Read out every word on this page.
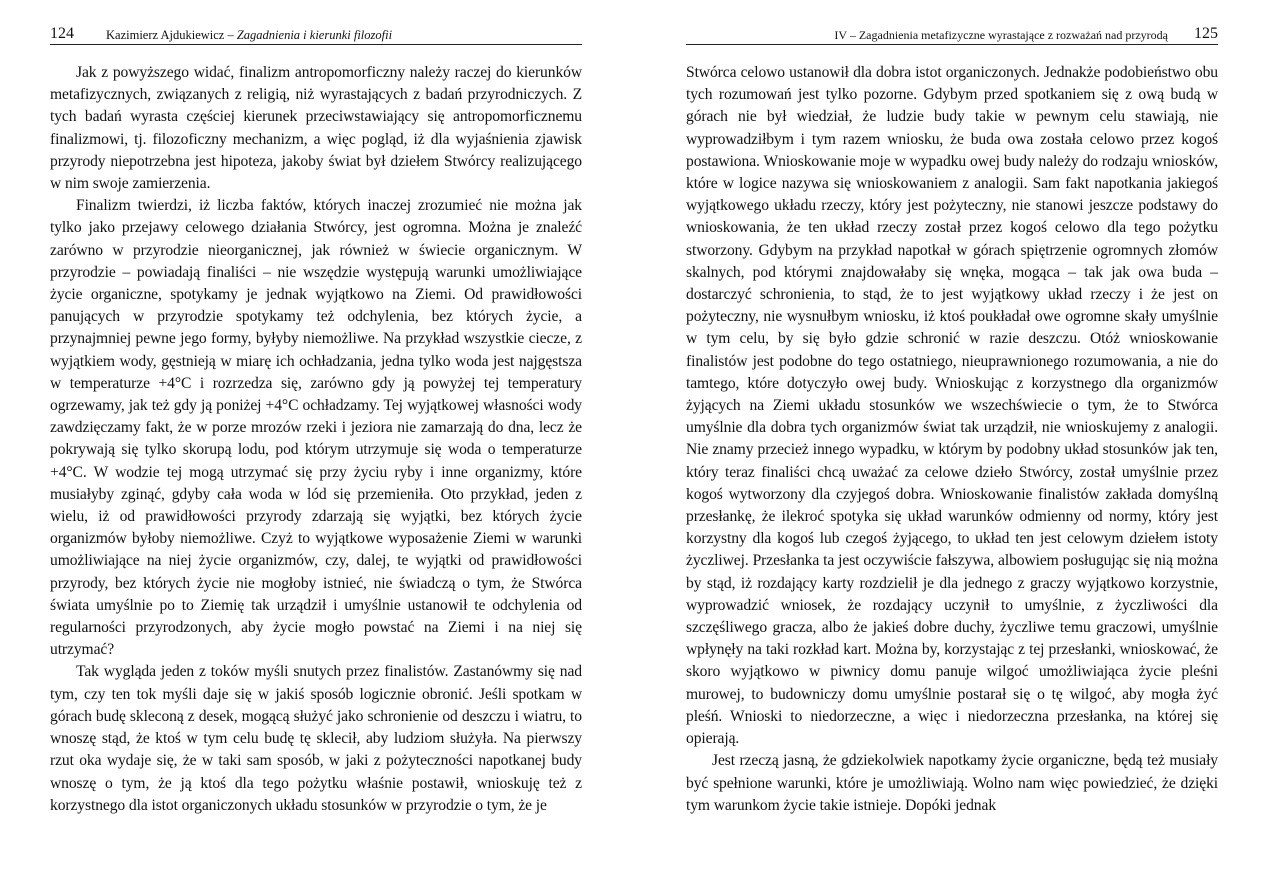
124	Kazimierz Ajdukiewicz – Zagadnienia i kierunki filozofii

Jak z powyższego widać, finalizm antropomorficzny należy raczej do kierunków metafizycznych, związanych z religią, niż wyrastających z badań przyrodniczych. Z tych badań wyrasta częściej kierunek przeciwstawiający się antropomorficznemu finalizmowi, tj. filozoficzny mechanizm, a więc pogląd, iż dla wyjaśnienia zjawisk przyrody niepotrzebna jest hipoteza, jakoby świat był dziełem Stwórcy realizującego w nim swoje zamierzenia.

Finalizm twierdzi, iż liczba faktów, których inaczej zrozumieć nie można jak tylko jako przejawy celowego działania Stwórcy, jest ogromna. Można je znaleźć zarówno w przyrodzie nieorganicznej, jak również w świecie organicznym. W przyrodzie – powiadają finaliści – nie wszędzie występują warunki umożliwiające życie organiczne, spotykamy je jednak wyjątkowo na Ziemi. Od prawidłowości panujących w przyrodzie spotykamy też odchylenia, bez których życie, a przynajmniej pewne jego formy, byłyby niemożliwe. Na przykład wszystkie ciecze, z wyjątkiem wody, gęstnieją w miarę ich ochładzania, jedna tylko woda jest najgęstsza w temperaturze +4°C i rozrzedza się, zarówno gdy ją powyżej tej temperatury ogrzewamy, jak też gdy ją poniżej +4°C ochładzamy. Tej wyjątkowej własności wody zawdzięczamy fakt, że w porze mrozów rzeki i jeziora nie zamarzają do dna, lecz że pokrywają się tylko skorupą lodu, pod którym utrzymuje się woda o temperaturze +4°C. W wodzie tej mogą utrzymać się przy życiu ryby i inne organizmy, które musiałyby zginąć, gdyby cała woda w lód się przemieniła. Oto przykład, jeden z wielu, iż od prawidłowości przyrody zdarzają się wyjątki, bez których życie organizmów byłoby niemożliwe. Czyż to wyjątkowe wyposażenie Ziemi w warunki umożliwiające na niej życie organizmów, czy, dalej, te wyjątki od prawidłowości przyrody, bez których życie nie mogłoby istnieć, nie świadczą o tym, że Stwórca świata umyślnie po to Ziemię tak urządził i umyślnie ustanowił te odchylenia od regularności przyrodzonych, aby życie mogło powstać na Ziemi i na niej się utrzymać?

Tak wygląda jeden z toków myśli snutych przez finalistów. Zastanówmy się nad tym, czy ten tok myśli daje się w jakiś sposób logicznie obronić. Jeśli spotkam w górach budę skleconą z desek, mogącą służyć jako schronienie od deszczu i wiatru, to wnoszę stąd, że ktoś w tym celu budę tę sklecił, aby ludziom służyła. Na pierwszy rzut oka wydaje się, że w taki sam sposób, w jaki z pożyteczności napotkanej budy wnoszę o tym, że ją ktoś dla tego pożytku właśnie postawił, wnioskuję też z korzystnego dla istot organiczonych układu stosunków w przyrodzie o tym, że je

IV – Zagadnienia metafizyczne wyrastające z rozważań nad przyrodą 125

Stwórca celowo ustanowił dla dobra istot organiczonych. Jednakże podobieństwo obu tych rozumowań jest tylko pozorne. Gdybym przed spotkaniem się z ową budą w górach nie był wiedział, że ludzie budy takie w pewnym celu stawiają, nie wyprowadziłbym i tym razem wniosku, że buda owa została celowo przez kogoś postawiona. Wnioskowanie moje w wypadku owej budy należy do rodzaju wniosków, które w logice nazywa się wnioskowaniem z analogii. Sam fakt napotkania jakiegoś wyjątkowego układu rzeczy, który jest pożyteczny, nie stanowi jeszcze podstawy do wnioskowania, że ten układ rzeczy został przez kogoś celowo dla tego pożytku stworzony. Gdybym na przykład napotkał w górach spiętrzenie ogromnych złomów skalnych, pod którymi znajdowałaby się wnęka, mogąca – tak jak owa buda – dostarczyć schronienia, to stąd, że to jest wyjątkowy układ rzeczy i że jest on pożyteczny, nie wysnułbym wniosku, iż ktoś poukładał owe ogromne skały umyślnie w tym celu, by się było gdzie schronić w razie deszczu. Otóż wnioskowanie finalistów jest podobne do tego ostatniego, nieuprawnionego rozumowania, a nie do tamtego, które dotyczyło owej budy. Wnioskując z korzystnego dla organizmów żyjących na Ziemi układu stosunków we wszechświecie o tym, że to Stwórca umyślnie dla dobra tych organizmów świat tak urządził, nie wnioskujemy z analogii. Nie znamy przecież innego wypadku, w którym by podobny układ stosunków jak ten, który teraz finaliści chcą uważać za celowe dzieło Stwórcy, został umyślnie przez kogoś wytworzony dla czyjegoś dobra. Wnioskowanie finalistów zakłada domyślną przesłankę, że ilekroć spotyka się układ warunków odmienny od normy, który jest korzystny dla kogoś lub czegoś żyjącego, to układ ten jest celowym dziełem istoty życzliwej. Przesłanka ta jest oczywiście fałszywa, albowiem posługując się nią można by stąd, iż rozdający karty rozdzielił je dla jednego z graczy wyjątkowo korzystnie, wyprowadzić wniosek, że rozdający uczynił to umyślnie, z życzliwości dla szczęśliwego gracza, albo że jakieś dobre duchy, życzliwe temu graczowi, umyślnie wpłynęły na taki rozkład kart. Można by, korzystając z tej przesłanki, wnioskować, że skoro wyjątkowo w piwnicy domu panuje wilgoć umożliwiająca życie pleśni murowej, to budowniczy domu umyślnie postarał się o tę wilgoć, aby mogła żyć pleśń. Wnioski to niedorzeczne, a więc i niedorzeczna przesłanka, na której się opierają.

Jest rzeczą jasną, że gdziekolwiek napotkamy życie organiczne, będą też musiały być spełnione warunki, które je umożliwiają. Wolno nam więc powiedzieć, że dzięki tym warunkom życie takie istnieje. Dopóki jednak
